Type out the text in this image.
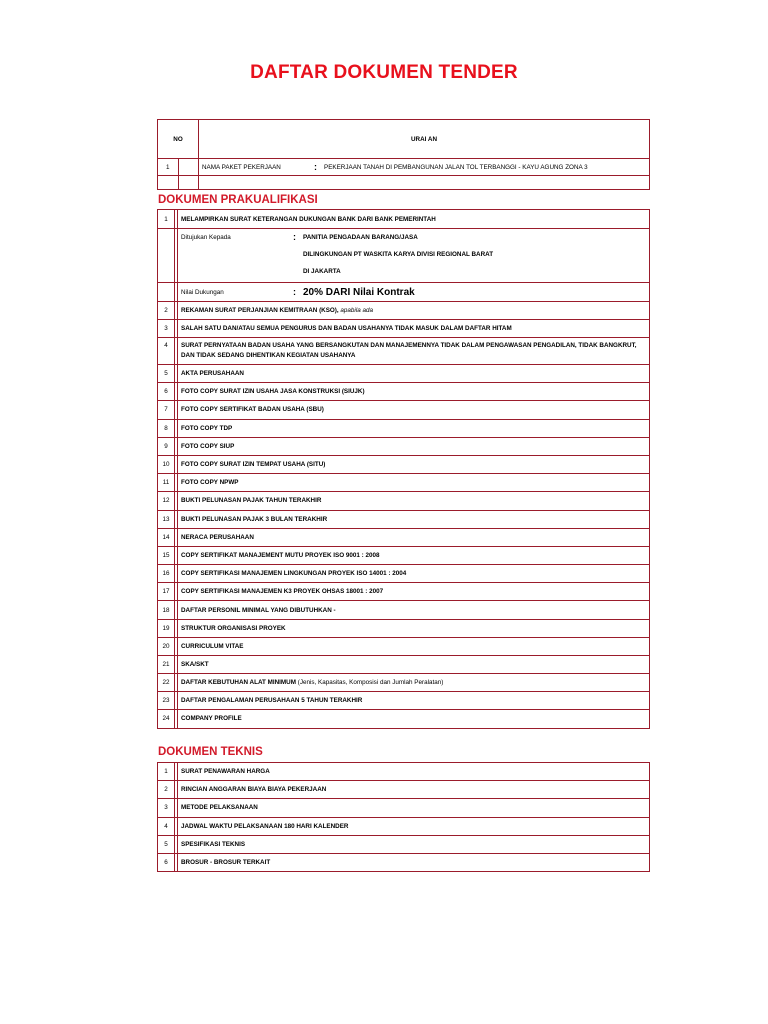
DAFTAR DOKUMEN TENDER
NO		URAI AN
1		NAMA PAKET PEKERJAAN : PEKERJAAN TANAH DI PEMBANGUNAN JALAN TOL TERBANGGI - KAYU AGUNG ZONA 3

DOKUMEN PRAKUALIFIKASI
1		MELAMPIRKAN SURAT KETERANGAN DUKUNGAN BANK DARI BANK PEMERINTAH

		Ditujukan Kepada : PANITIA PENGADAAN BARANG/JASA
DILINGKUNGAN PT WASKITA KARYA DIVISI REGIONAL BARAT
DI JAKARTA

		Nilai Dukungan : 20% DARI Nilai Kontrak

2		REKAMAN SURAT PERJANJIAN KEMITRAAN (KSO), apabila ada
3		SALAH SATU DAN/ATAU SEMUA PENGURUS DAN BADAN USAHANYA TIDAK MASUK DALAM DAFTAR HITAM
4		SURAT PERNYATAAN BADAN USAHA YANG BERSANGKUTAN DAN MANAJEMENNYA TIDAK DALAM PENGAWASAN PENGADILAN, TIDAK BANGKRUT,
DAN TIDAK SEDANG DIHENTIKAN KEGIATAN USAHANYA

5		AKTA PERUSAHAAN
6		FOTO COPY SURAT IZIN USAHA JASA KONSTRUKSI (SIUJK)
7		FOTO COPY SERTIFIKAT BADAN USAHA (SBU)
8		FOTO COPY TDP
9		FOTO COPY SIUP
10		FOTO COPY SURAT IZIN TEMPAT USAHA (SITU)
11		FOTO COPY NPWP
12		BUKTI PELUNASAN PAJAK TAHUN TERAKHIR
13		BUKTI PELUNASAN PAJAK 3 BULAN TERAKHIR
14		NERACA PERUSAHAAN
15		COPY SERTIFIKAT MANAJEMENT MUTU PROYEK ISO 9001 : 2008
16		COPY SERTIFIKASI MANAJEMEN LINGKUNGAN PROYEK ISO 14001 : 2004
17		COPY SERTIFIKASI MANAJEMEN K3 PROYEK OHSAS 18001 : 2007
18		DAFTAR PERSONIL MINIMAL YANG DIBUTUHKAN -
19		STRUKTUR ORGANISASI PROYEK
20		CURRICULUM VITAE
21		SKA/SKT
22		DAFTAR KEBUTUHAN ALAT MINIMUM (Jenis, Kapasitas, Komposisi dan Jumlah Peralatan)
23		DAFTAR PENGALAMAN PERUSAHAAN 5 TAHUN TERAKHIR
24		COMPANY PROFILE
DOKUMEN TEKNIS
1		SURAT PENAWARAN HARGA
2		RINCIAN ANGGARAN BIAYA BIAYA PEKERJAAN
3		METODE PELAKSANAAN
4		JADWAL WAKTU PELAKSANAAN 180 HARI KALENDER
5		SPESIFIKASI TEKNIS
6		BROSUR - BROSUR TERKAIT
